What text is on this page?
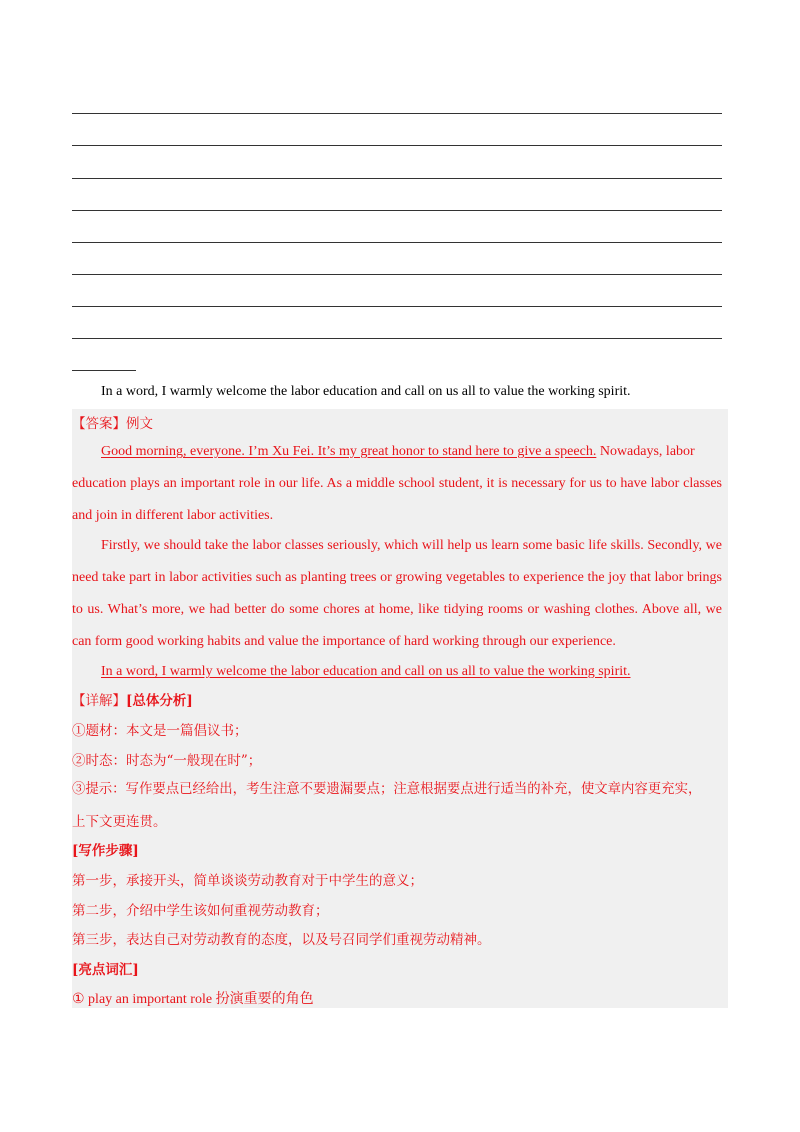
In a word, I warmly welcome the labor education and call on us all to value the working spirit.
【答案】例文
Good morning, everyone. I’m Xu Fei. It’s my great honor to stand here to give a speech. Nowadays, labor
education plays an important role in our life. As a middle school student, it is necessary for us to have labor classes
and join in different labor activities.
Firstly, we should take the labor classes seriously, which will help us learn some basic life skills. Secondly, we
need take part in labor activities such as planting trees or growing vegetables to experience the joy that labor brings
to us. What’s more, we had better do some chores at home, like tidying rooms or washing clothes. Above all, we
can form good working habits and value the importance of hard working through our experience.
In a word, I warmly welcome the labor education and call on us all to value the working spirit.
【详解】[总体分析]
①题材：本文是一篇倡议书；
②时态：时态为“一般现在时”；
③提示：写作要点已经给出，考生注意不要遗漏要点；注意根据要点进行适当的补充，使文章内容更充实，
上下文更连贯。
[写作步骤]
第一步，承接开头，简单谈谈劳动教育对于中学生的意义；
第二步，介绍中学生该如何重视劳动教育；
第三步，表达自己对劳动教育的态度，以及号召同学们重视劳动精神。
[亮点词汇]
① play an important role 扮演重要的角色
